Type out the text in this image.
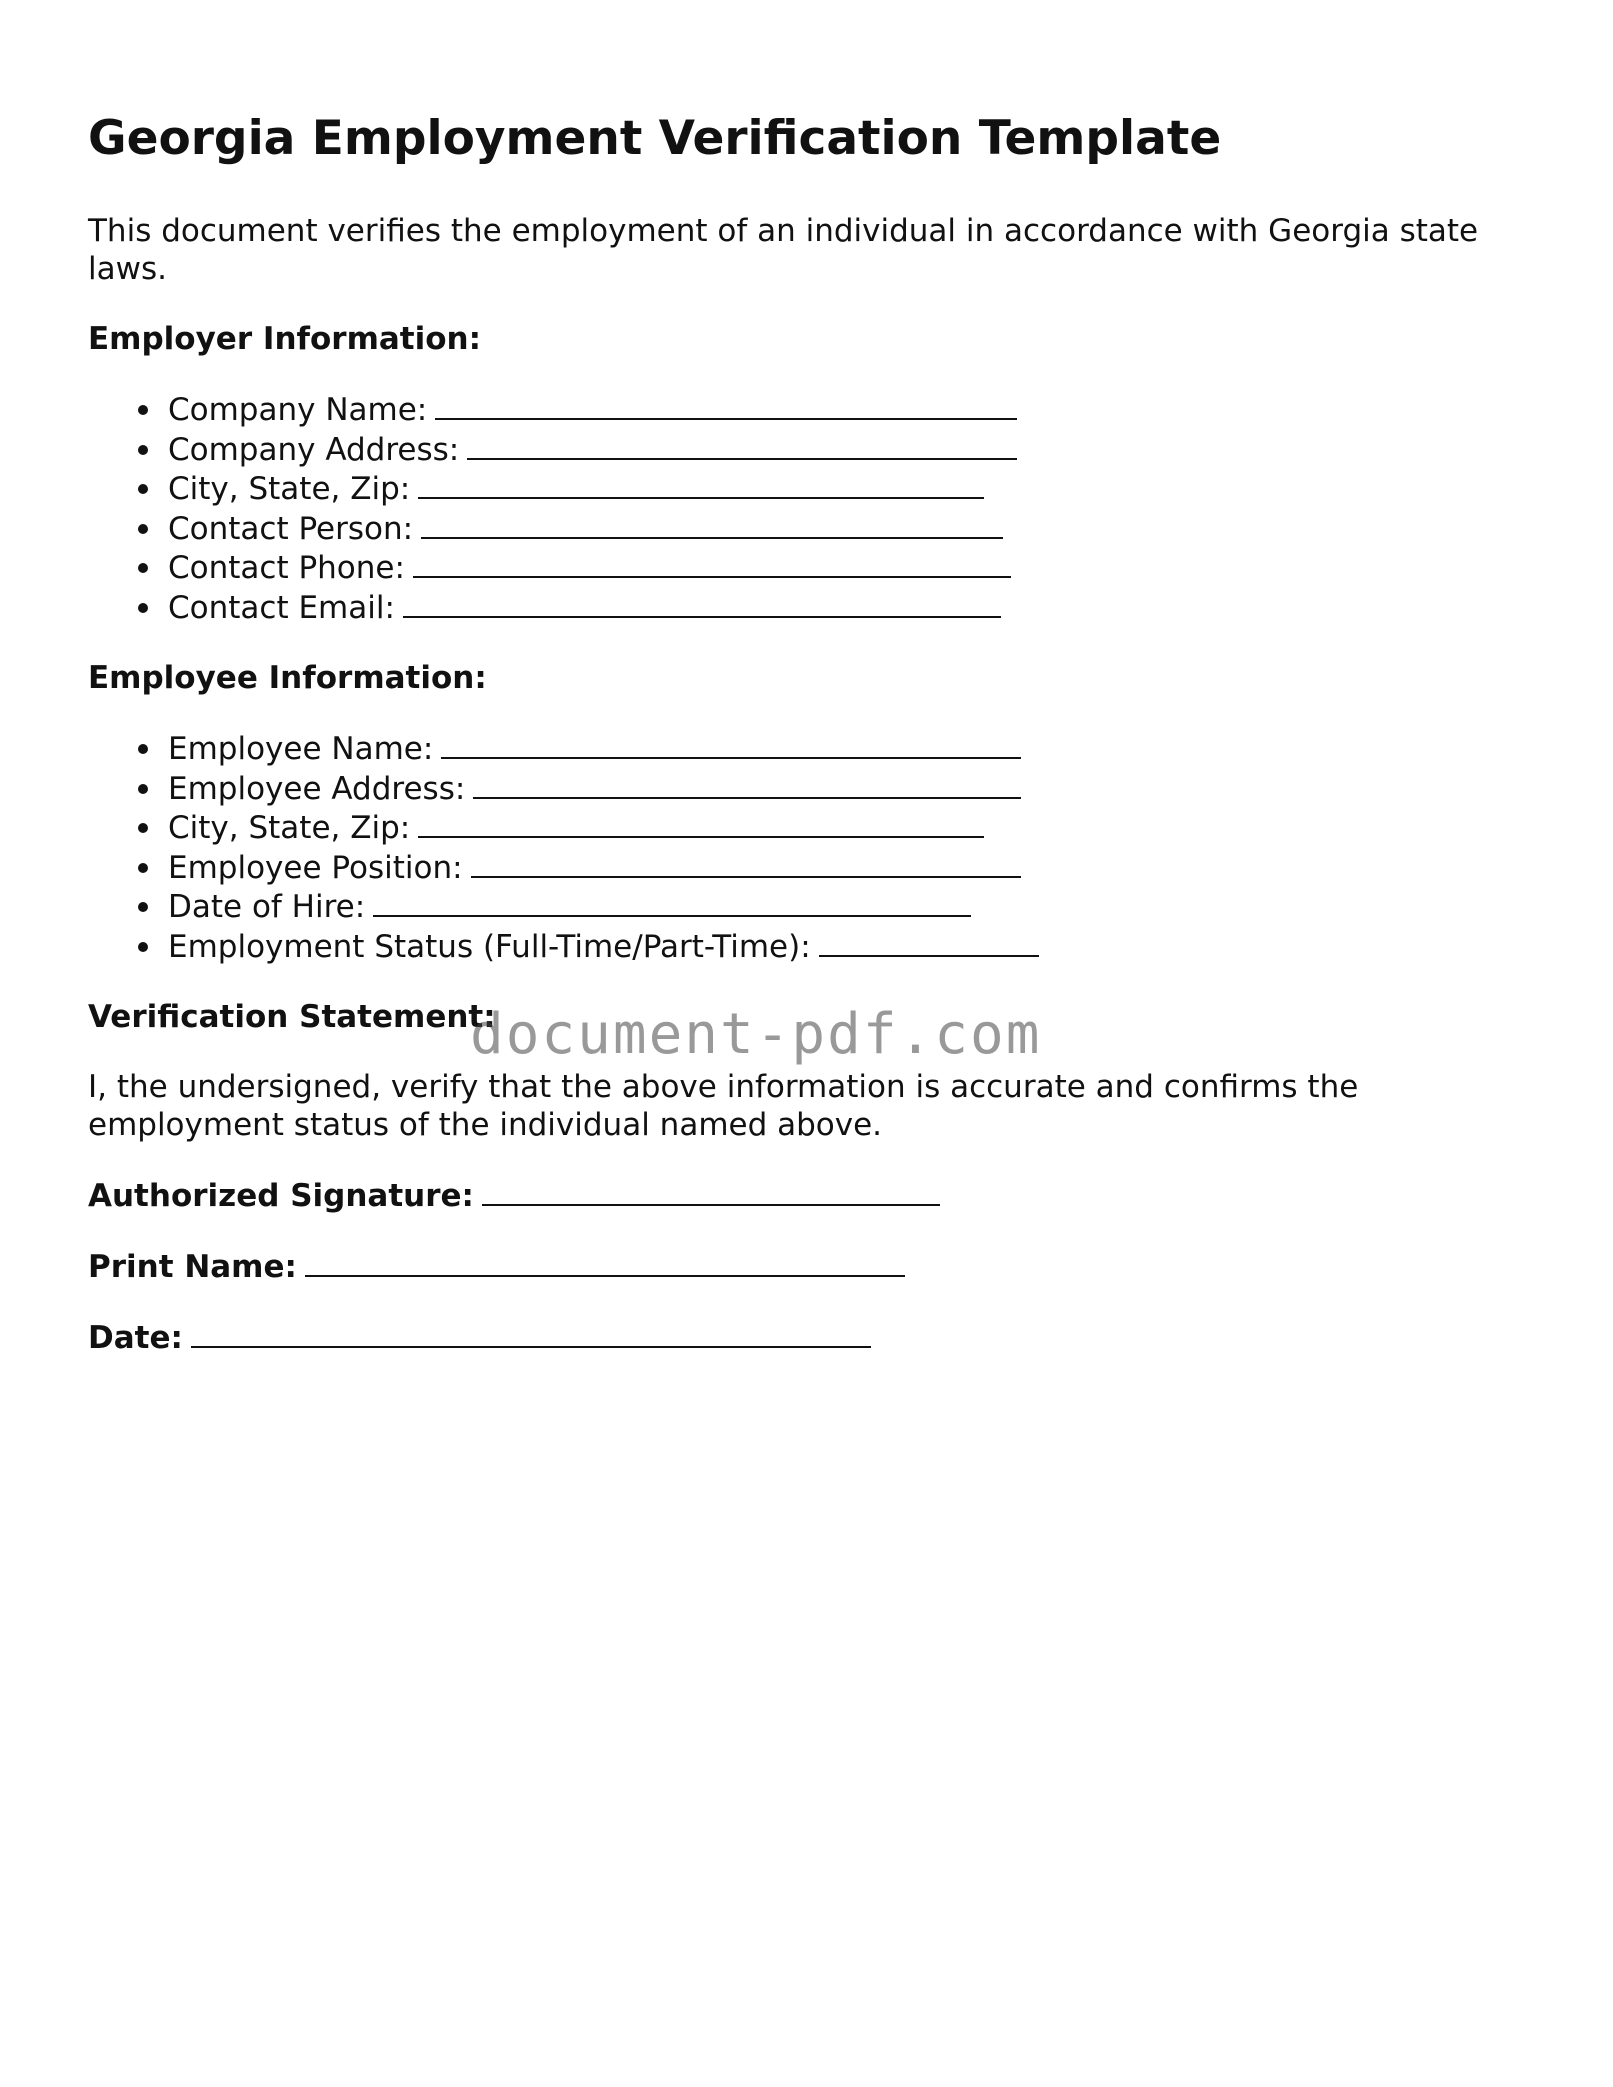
Georgia Employment Verification Template

This document verifies the employment of an individual in accordance with Georgia state laws.

Employer Information:
Company Name:
Company Address:
City, State, Zip:
Contact Person:
Contact Phone:
Contact Email:
Employee Information:
Employee Name:
Employee Address:
City, State, Zip:
Employee Position:
Date of Hire:
Employment Status (Full-Time/Part-Time):
Verification Statement:

I, the undersigned, verify that the above information is accurate and confirms the employment status of the individual named above.

Authorized Signature:
Print Name:
Date:
document-pdf.com
